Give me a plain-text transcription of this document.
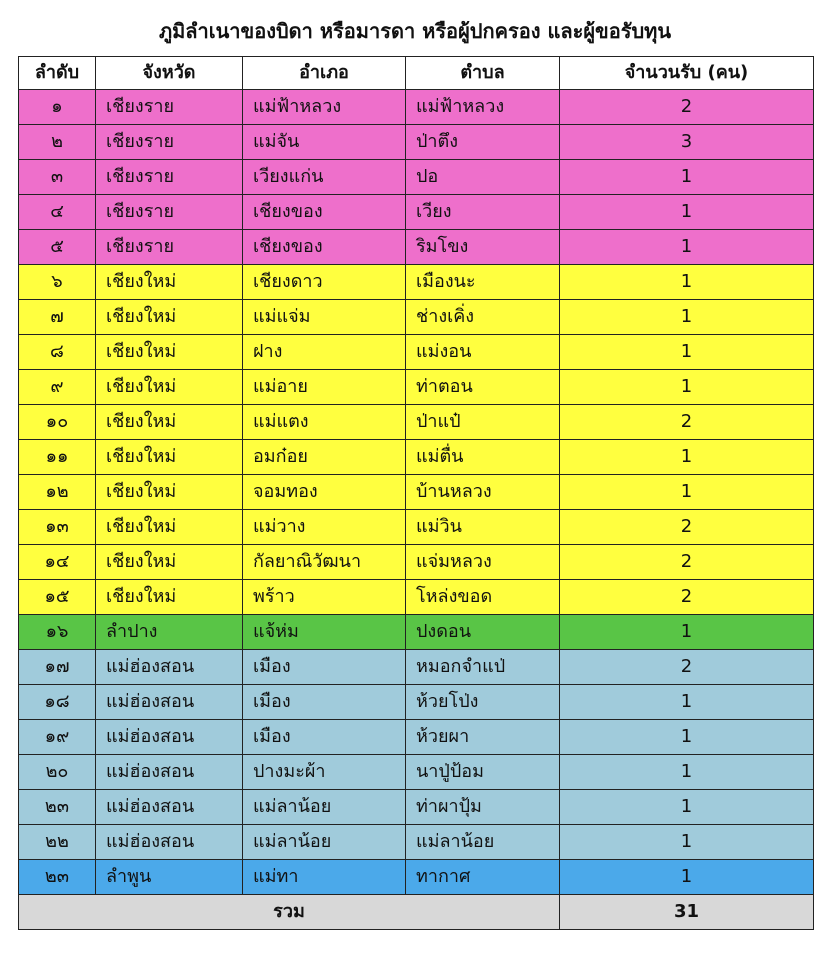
ภูมิลำเนาของบิดา หรือมารดา หรือผู้ปกครอง และผู้ขอรับทุน
ลำดับ	จังหวัด	อำเภอ	ตำบล	จำนวนรับ (คน)
๑	เชียงราย	แม่ฟ้าหลวง	แม่ฟ้าหลวง	2
๒	เชียงราย	แม่จัน	ป่าตึง	3
๓	เชียงราย	เวียงแก่น	ปอ	1
๔	เชียงราย	เชียงของ	เวียง	1
๕	เชียงราย	เชียงของ	ริมโขง	1
๖	เชียงใหม่	เชียงดาว	เมืองนะ	1
๗	เชียงใหม่	แม่แจ่ม	ช่างเคิ่ง	1
๘	เชียงใหม่	ฝาง	แม่งอน	1
๙	เชียงใหม่	แม่อาย	ท่าตอน	1
๑๐	เชียงใหม่	แม่แตง	ป่าแป๋	2
๑๑	เชียงใหม่	อมก๋อย	แม่ตื่น	1
๑๒	เชียงใหม่	จอมทอง	บ้านหลวง	1
๑๓	เชียงใหม่	แม่วาง	แม่วิน	2
๑๔	เชียงใหม่	กัลยาณิวัฒนา	แจ่มหลวง	2
๑๕	เชียงใหม่	พร้าว	โหล่งขอด	2
๑๖	ลำปาง	แจ้ห่ม	ปงดอน	1
๑๗	แม่ฮ่องสอน	เมือง	หมอกจำแป่	2
๑๘	แม่ฮ่องสอน	เมือง	ห้วยโป่ง	1
๑๙	แม่ฮ่องสอน	เมือง	ห้วยผา	1
๒๐	แม่ฮ่องสอน	ปางมะผ้า	นาปู่ป้อม	1
๒๓	แม่ฮ่องสอน	แม่ลาน้อย	ท่าผาปุ้ม	1
๒๒	แม่ฮ่องสอน	แม่ลาน้อย	แม่ลาน้อย	1
๒๓	ลำพูน	แม่ทา	ทากาศ	1
รวม				31
